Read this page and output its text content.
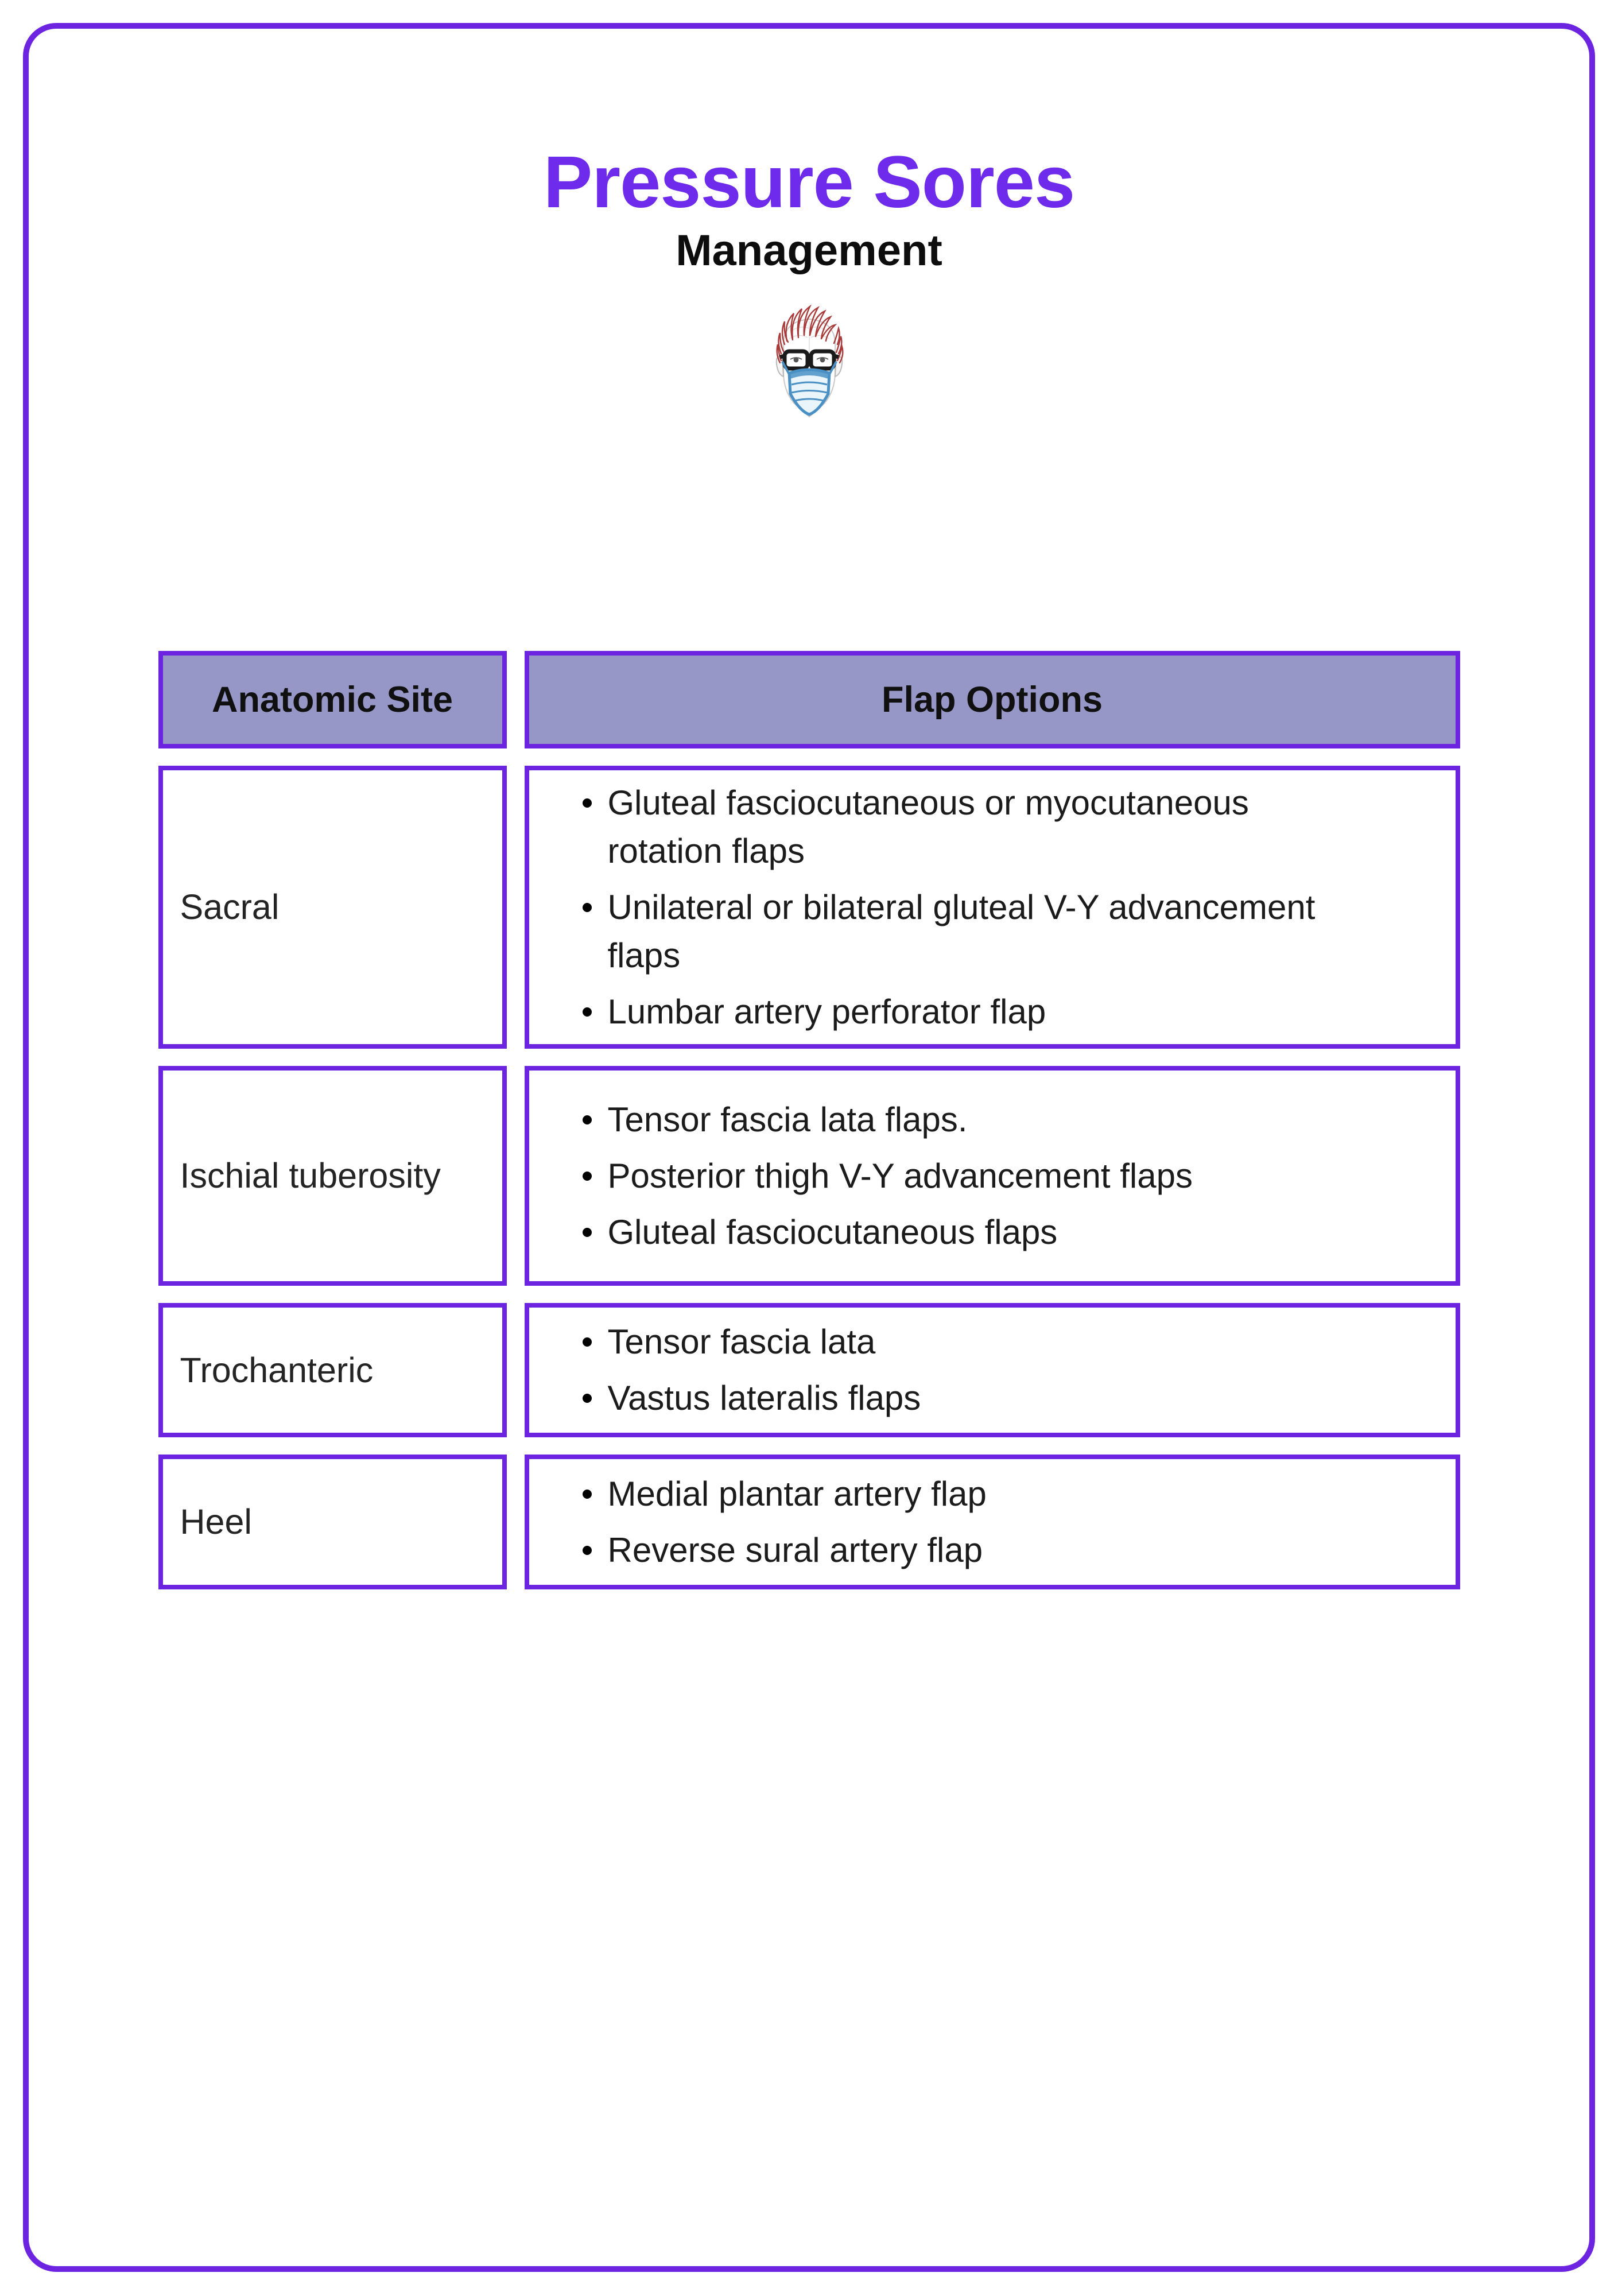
Pressure Sores
Management
Anatomic Site	Flap Options
Sacral
Gluteal fasciocutaneous or myocutaneous rotation flaps
Unilateral or bilateral gluteal V-Y advancement flaps
Lumbar artery perforator flap
Ischial tuberosity
Tensor fascia lata flaps.
Posterior thigh V-Y advancement flaps
Gluteal fasciocutaneous flaps
Trochanteric
Tensor fascia lata
Vastus lateralis flaps
Heel
Medial plantar artery flap
Reverse sural artery flap
